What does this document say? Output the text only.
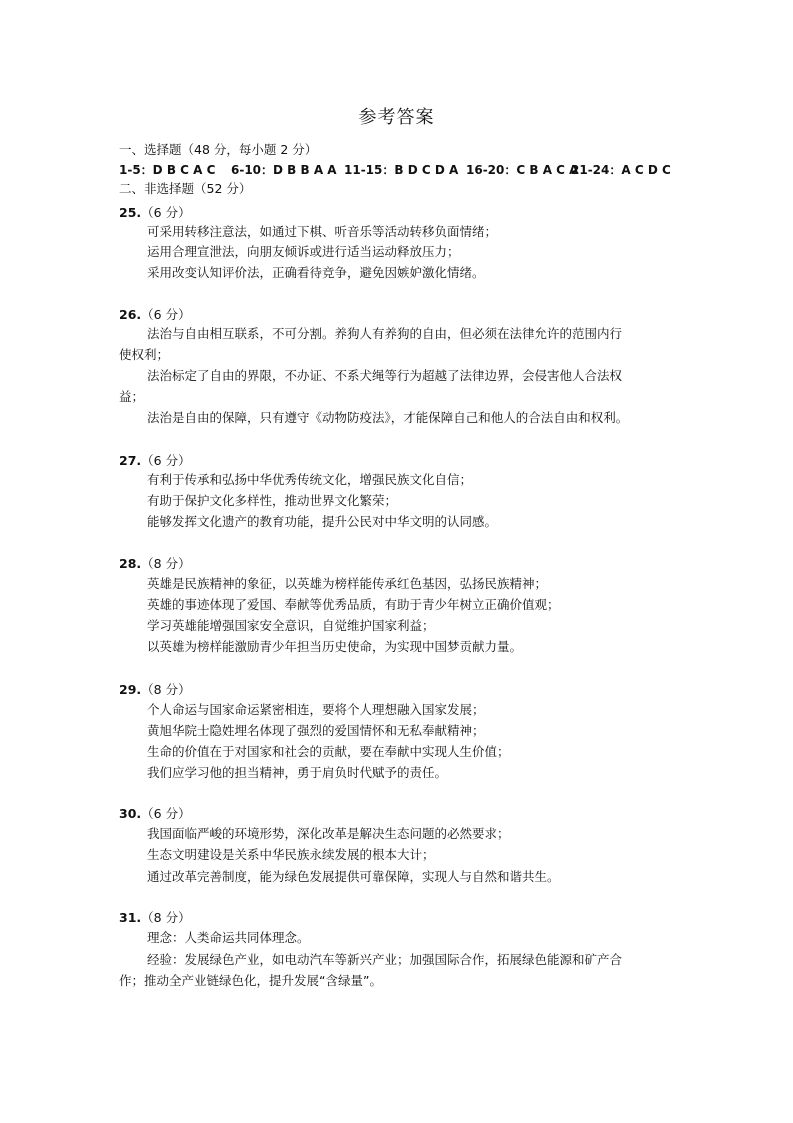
参考答案
一、选择题（48 分，每小题 2 分）
1-5：D B C A C 6-10：D B B A A 11-15：B D C D A 16-20：C B A C A21-24：A C D C
二、非选择题（52 分）
25.（6 分）
可采用转移注意法，如通过下棋、听音乐等活动转移负面情绪；
运用合理宣泄法，向朋友倾诉或进行适当运动释放压力；
采用改变认知评价法，正确看待竞争，避免因嫉妒激化情绪。
26.（6 分）
法治与自由相互联系，不可分割。养狗人有养狗的自由，但必须在法律允许的范围内行
使权利；
法治标定了自由的界限，不办证、不系犬绳等行为超越了法律边界，会侵害他人合法权
益；
法治是自由的保障，只有遵守《动物防疫法》，才能保障自己和他人的合法自由和权利。
27.（6 分）
有利于传承和弘扬中华优秀传统文化，增强民族文化自信；
有助于保护文化多样性，推动世界文化繁荣；
能够发挥文化遗产的教育功能，提升公民对中华文明的认同感。
28.（8 分）
英雄是民族精神的象征，以英雄为榜样能传承红色基因，弘扬民族精神；
英雄的事迹体现了爱国、奉献等优秀品质，有助于青少年树立正确价值观；
学习英雄能增强国家安全意识，自觉维护国家利益；
以英雄为榜样能激励青少年担当历史使命，为实现中国梦贡献力量。
29.（8 分）
个人命运与国家命运紧密相连，要将个人理想融入国家发展；
黄旭华院士隐姓埋名体现了强烈的爱国情怀和无私奉献精神；
生命的价值在于对国家和社会的贡献，要在奉献中实现人生价值；
我们应学习他的担当精神，勇于肩负时代赋予的责任。
30.（6 分）
我国面临严峻的环境形势，深化改革是解决生态问题的必然要求；
生态文明建设是关系中华民族永续发展的根本大计；
通过改革完善制度，能为绿色发展提供可靠保障，实现人与自然和谐共生。
31.（8 分）
理念：人类命运共同体理念。
经验：发展绿色产业，如电动汽车等新兴产业；加强国际合作，拓展绿色能源和矿产合
作；推动全产业链绿色化，提升发展“含绿量”。
